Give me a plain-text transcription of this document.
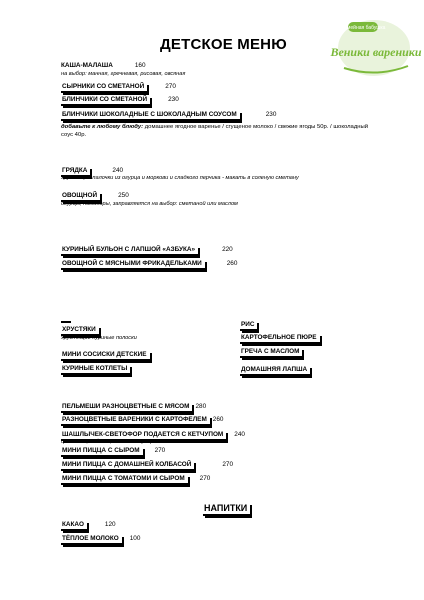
ДЕТСКОЕ МЕНЮ
Симейная бабушка
Веники вареники
КАША-МАЛАША	160
на выбор: манная, гречневая, рисовая, овсяная
СЫРНИКИ СО СМЕТАНОЙ	270
БЛИНЧИКИ СО СМЕТАНОЙ	230
БЛИНЧИКИ ШОКОЛАДНЫЕ С ШОКОЛАДНЫМ СОУСОМ	230
добавьте к любому блюду: домашнее ягодное варенье / сгущеное молоко / свежие ягоды 50р. / шоколадный
соус 40р.
ГРЯДКА	240
хрустящие палочки из огурца и моркови и сладкого перчика - макать в соленую сметану
ОВОЩНОЙ	250
огурцы, помидоры, заправляется на выбор: сметаной или маслом
КУРИНЫЙ БУЛЬОН С ЛАПШОЙ «АЗБУКА»	220
ОВОЩНОЙ С МЯСНЫМИ ФРИКАДЕЛЬКАМИ	260
ХРУСТЯКИ
хрустящие куриные полоски
МИНИ СОСИСКИ ДЕТСКИЕ
КУРИНЫЕ КОТЛЕТЫ
РИС
КАРТОФЕЛЬНОЕ ПЮРЕ
ГРЕЧА С МАСЛОМ
ДОМАШНЯЯ ЛАПША
ПЕЛЬМЕШИ РАЗНОЦВЕТНЫЕ С МЯСОМ 280
РАЗНОЦВЕТНЫЕ ВАРЕНИКИ С КАРТОФЕЛЕМ 260
ШАШЛЫЧЕК-СВЕТОФОР ПОДАЕТСЯ С КЕТЧУПОМ 240
цыплёнок, кабачок, сладкий перец
МИНИ ПИЦЦА С СЫРОМ 270
МИНИ ПИЦЦА С ДОМАШНЕЙ КОЛБАСОЙ	270
МИНИ ПИЦЦА С ТОМАТОМИ И СЫРОМ 270
НАПИТКИ
КАКАО	120
ТЁПЛОЕ МОЛОКО 100
